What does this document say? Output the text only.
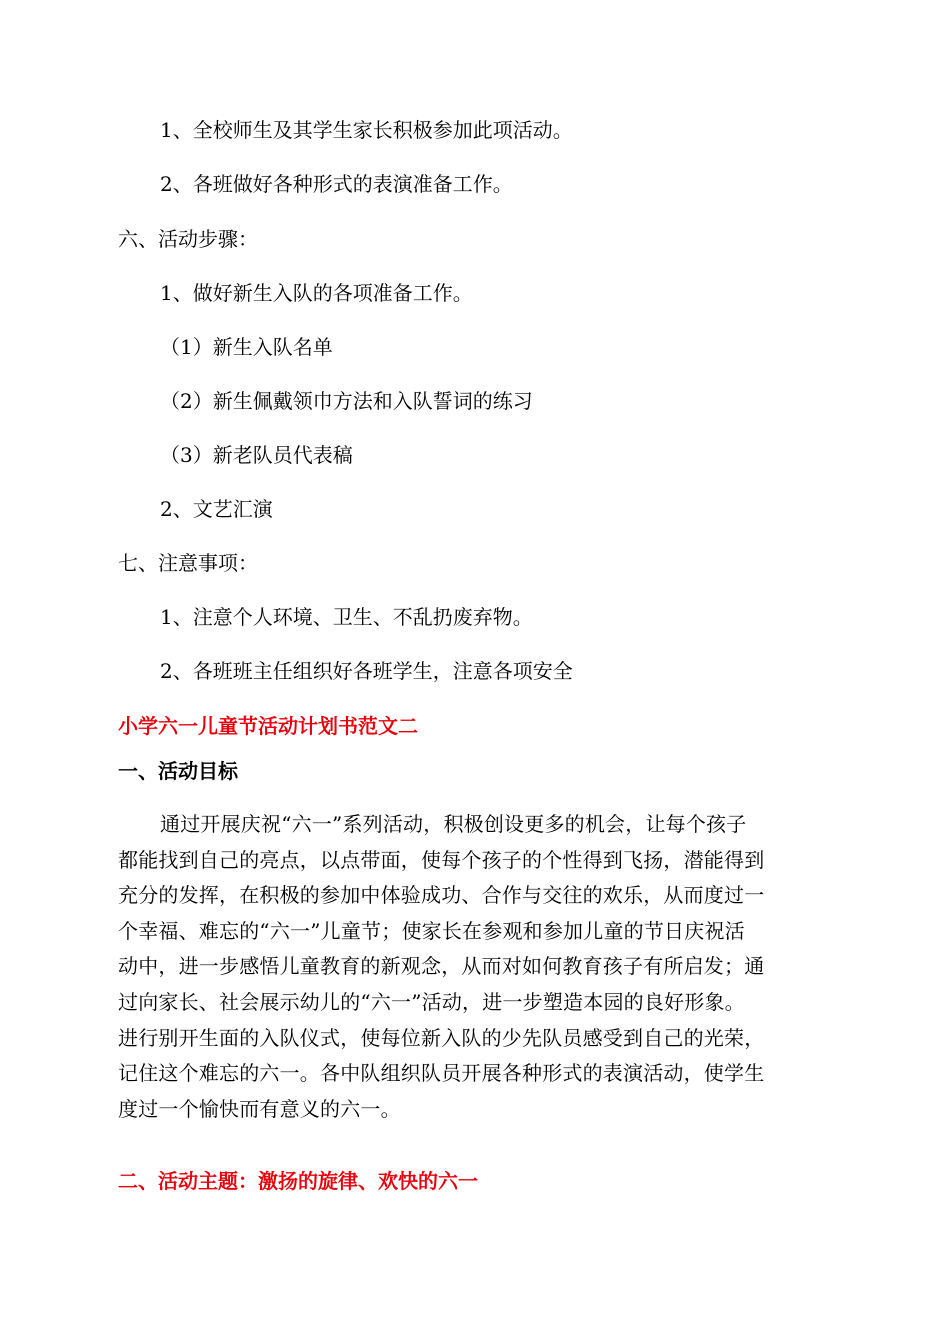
1、全校师生及其学生家长积极参加此项活动。
2、各班做好各种形式的表演准备工作。
六、活动步骤：
1、做好新生入队的各项准备工作。
（1）新生入队名单
（2）新生佩戴领巾方法和入队誓词的练习
（3）新老队员代表稿
2、文艺汇演
七、注意事项：
1、注意个人环境、卫生、不乱扔废弃物。
2、各班班主任组织好各班学生，注意各项安全
小学六一儿童节活动计划书范文二
一、活动目标
通过开展庆祝“六一”系列活动，积极创设更多的机会，让每个孩子
都能找到自己的亮点，以点带面，使每个孩子的个性得到飞扬，潜能得到
充分的发挥，在积极的参加中体验成功、合作与交往的欢乐，从而度过一
个幸福、难忘的“六一”儿童节；使家长在参观和参加儿童的节日庆祝活
动中，进一步感悟儿童教育的新观念，从而对如何教育孩子有所启发；通
过向家长、社会展示幼儿的“六一”活动，进一步塑造本园的良好形象。
进行别开生面的入队仪式，使每位新入队的少先队员感受到自己的光荣，
记住这个难忘的六一。各中队组织队员开展各种形式的表演活动，使学生
度过一个愉快而有意义的六一。
二、活动主题：激扬的旋律、欢快的六一
